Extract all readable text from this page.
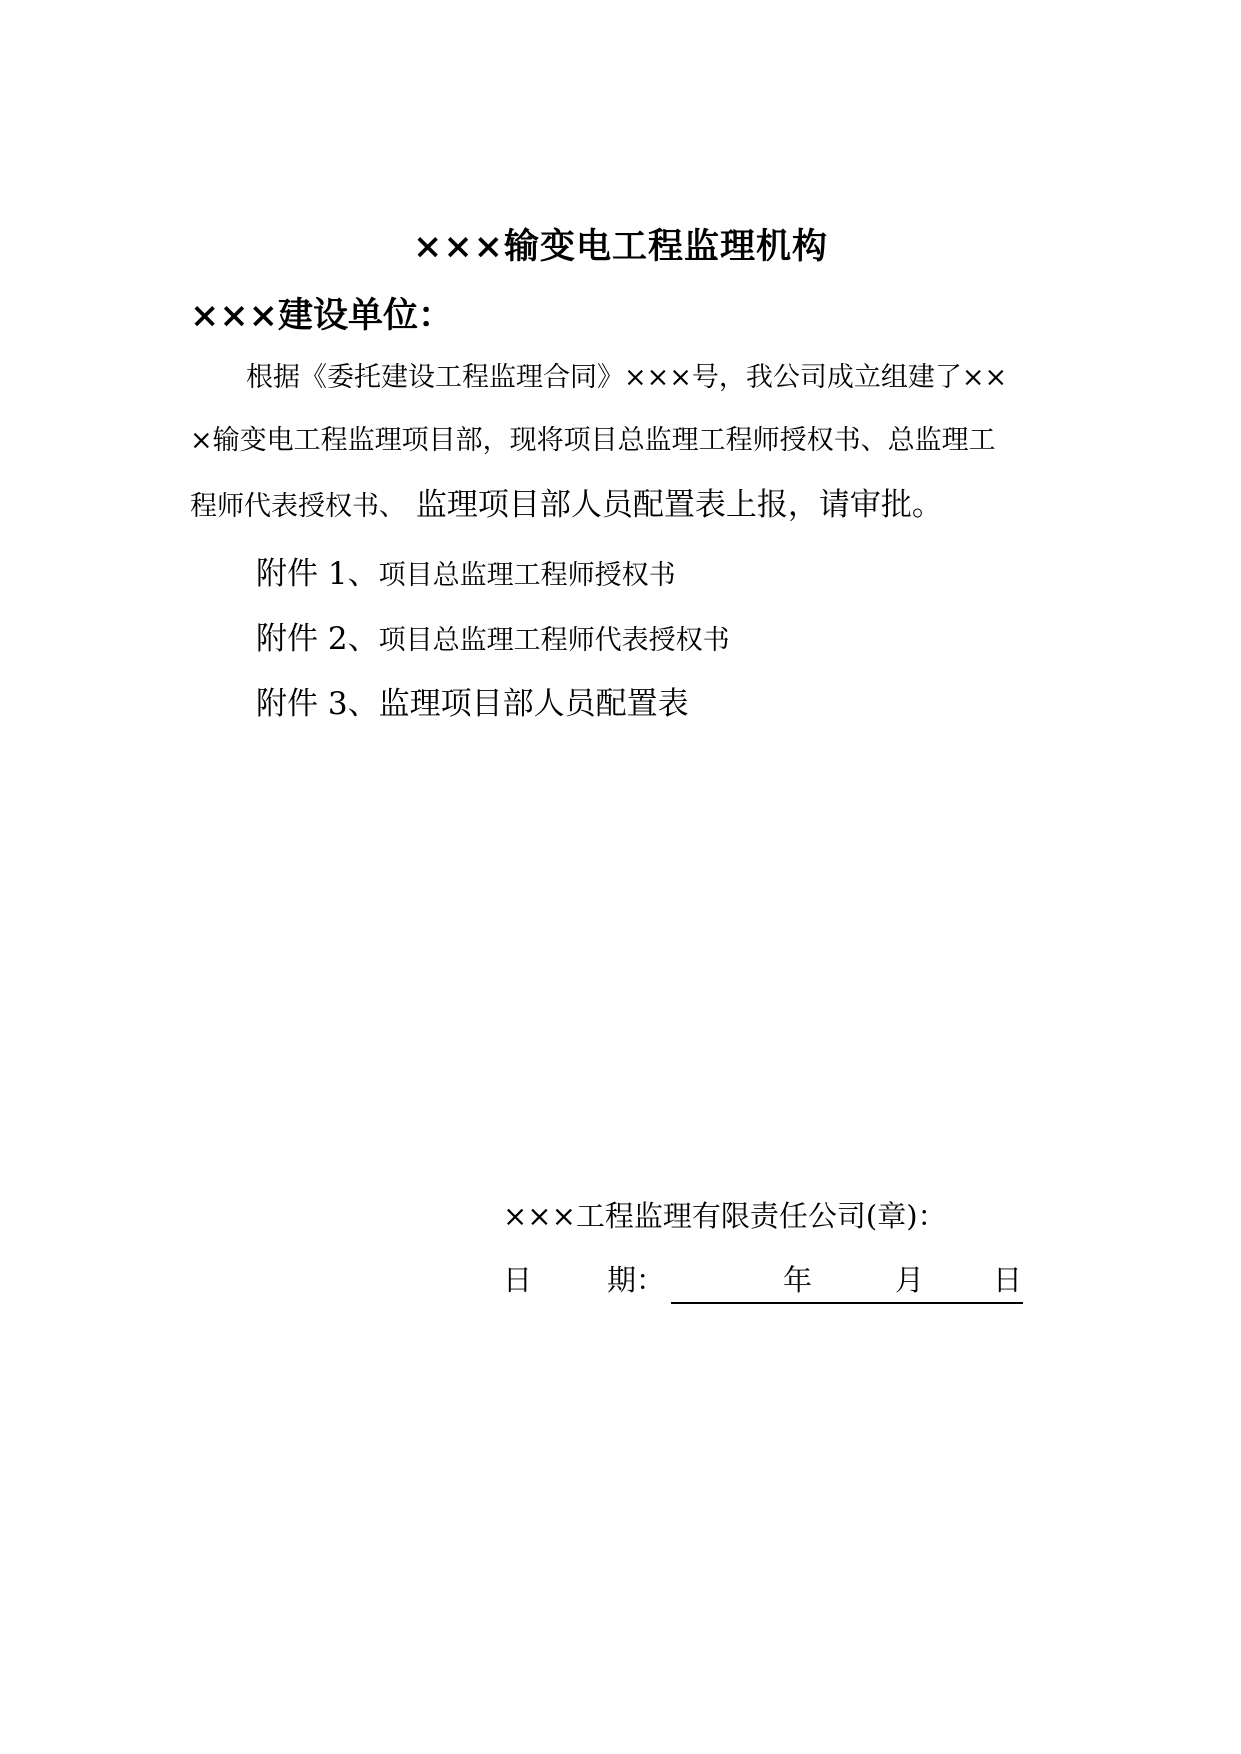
×××输变电工程监理机构
×××建设单位：
根据《委托建设工程监理合同》×××号，我公司成立组建了××
×输变电工程监理项目部，现将项目总监理工程师授权书、总监理工
程师代表授权书、 监理项目部人员配置表上报，请审批。
附件 1、项目总监理工程师授权书
附件 2、项目总监理工程师代表授权书
附件 3、监理项目部人员配置表
×××工程监理有限责任公司(章)：
日	期：	年	月 日
